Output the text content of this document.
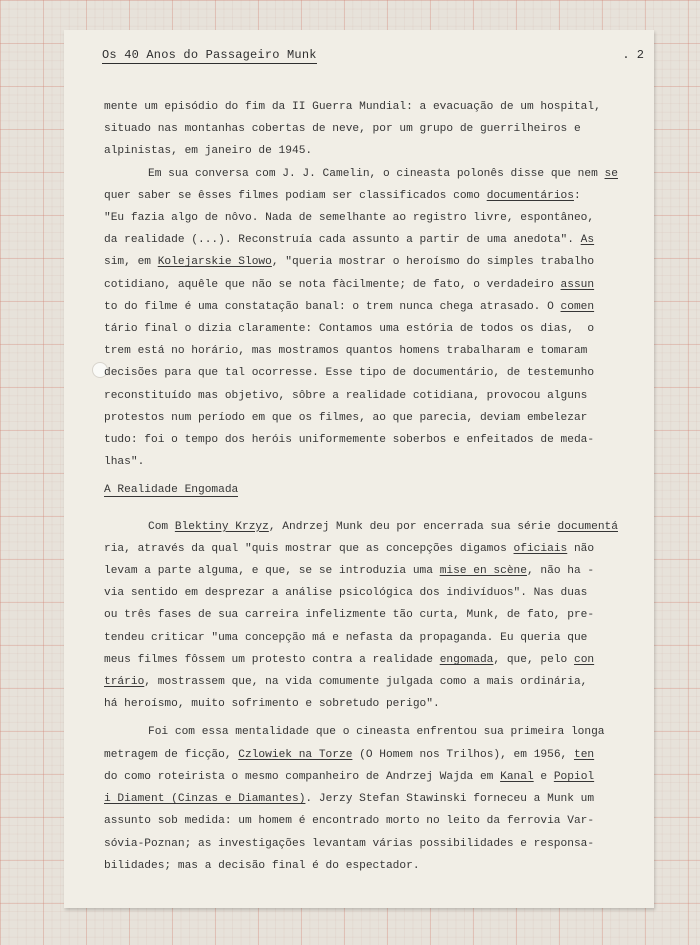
Os 40 Anos do Passageiro Munk	. 2
mente um episódio do fim da II Guerra Mundial: a evacuação de um hospital,
situado nas montanhas cobertas de neve, por um grupo de guerrilheiros e
alpinistas, em janeiro de 1945.
Em sua conversa com J. J. Camelin, o cineasta polonês disse que nem se
quer saber se êsses filmes podiam ser classificados como documentários:
"Eu fazia algo de nôvo. Nada de semelhante ao registro livre, espontâneo,
da realidade (...). Reconstruía cada assunto a partir de uma anedota". As
sim, em Kolejarskie Slowo, "queria mostrar o heroísmo do simples trabalho
cotidiano, aquêle que não se nota fàcilmente; de fato, o verdadeiro assun
to do filme é uma constatação banal: o trem nunca chega atrasado. O comen
tário final o dizia claramente: Contamos uma estória de todos os dias,  o
trem está no horário, mas mostramos quantos homens trabalharam e tomaram
decisões para que tal ocorresse. Esse tipo de documentário, de testemunho
reconstituído mas objetivo, sôbre a realidade cotidiana, provocou alguns
protestos num período em que os filmes, ao que parecia, deviam embelezar
tudo: foi o tempo dos heróis uniformemente soberbos e enfeitados de meda-
lhas".
A Realidade Engomada
Com Blektiny Krzyz, Andrzej Munk deu por encerrada sua série documentá
ria, através da qual "quis mostrar que as concepções digamos oficiais não
levam a parte alguma, e que, se se introduzia uma mise en scène, não ha -
via sentido em desprezar a análise psicológica dos indivíduos". Nas duas
ou três fases de sua carreira infelizmente tão curta, Munk, de fato, pre-
tendeu criticar "uma concepção má e nefasta da propaganda. Eu queria que
meus filmes fôssem um protesto contra a realidade engomada, que, pelo con
trário, mostrassem que, na vida comumente julgada como a mais ordinária,
há heroísmo, muito sofrimento e sobretudo perigo".
Foi com essa mentalidade que o cineasta enfrentou sua primeira longa
metragem de ficção, Czlowiek na Torze (O Homem nos Trilhos), em 1956, ten
do como roteirista o mesmo companheiro de Andrzej Wajda em Kanal e Popiol
i Diament (Cinzas e Diamantes). Jerzy Stefan Stawinski forneceu a Munk um
assunto sob medida: um homem é encontrado morto no leito da ferrovia Var-
sóvia-Poznan; as investigações levantam várias possibilidades e responsa-
bilidades; mas a decisão final é do espectador.
